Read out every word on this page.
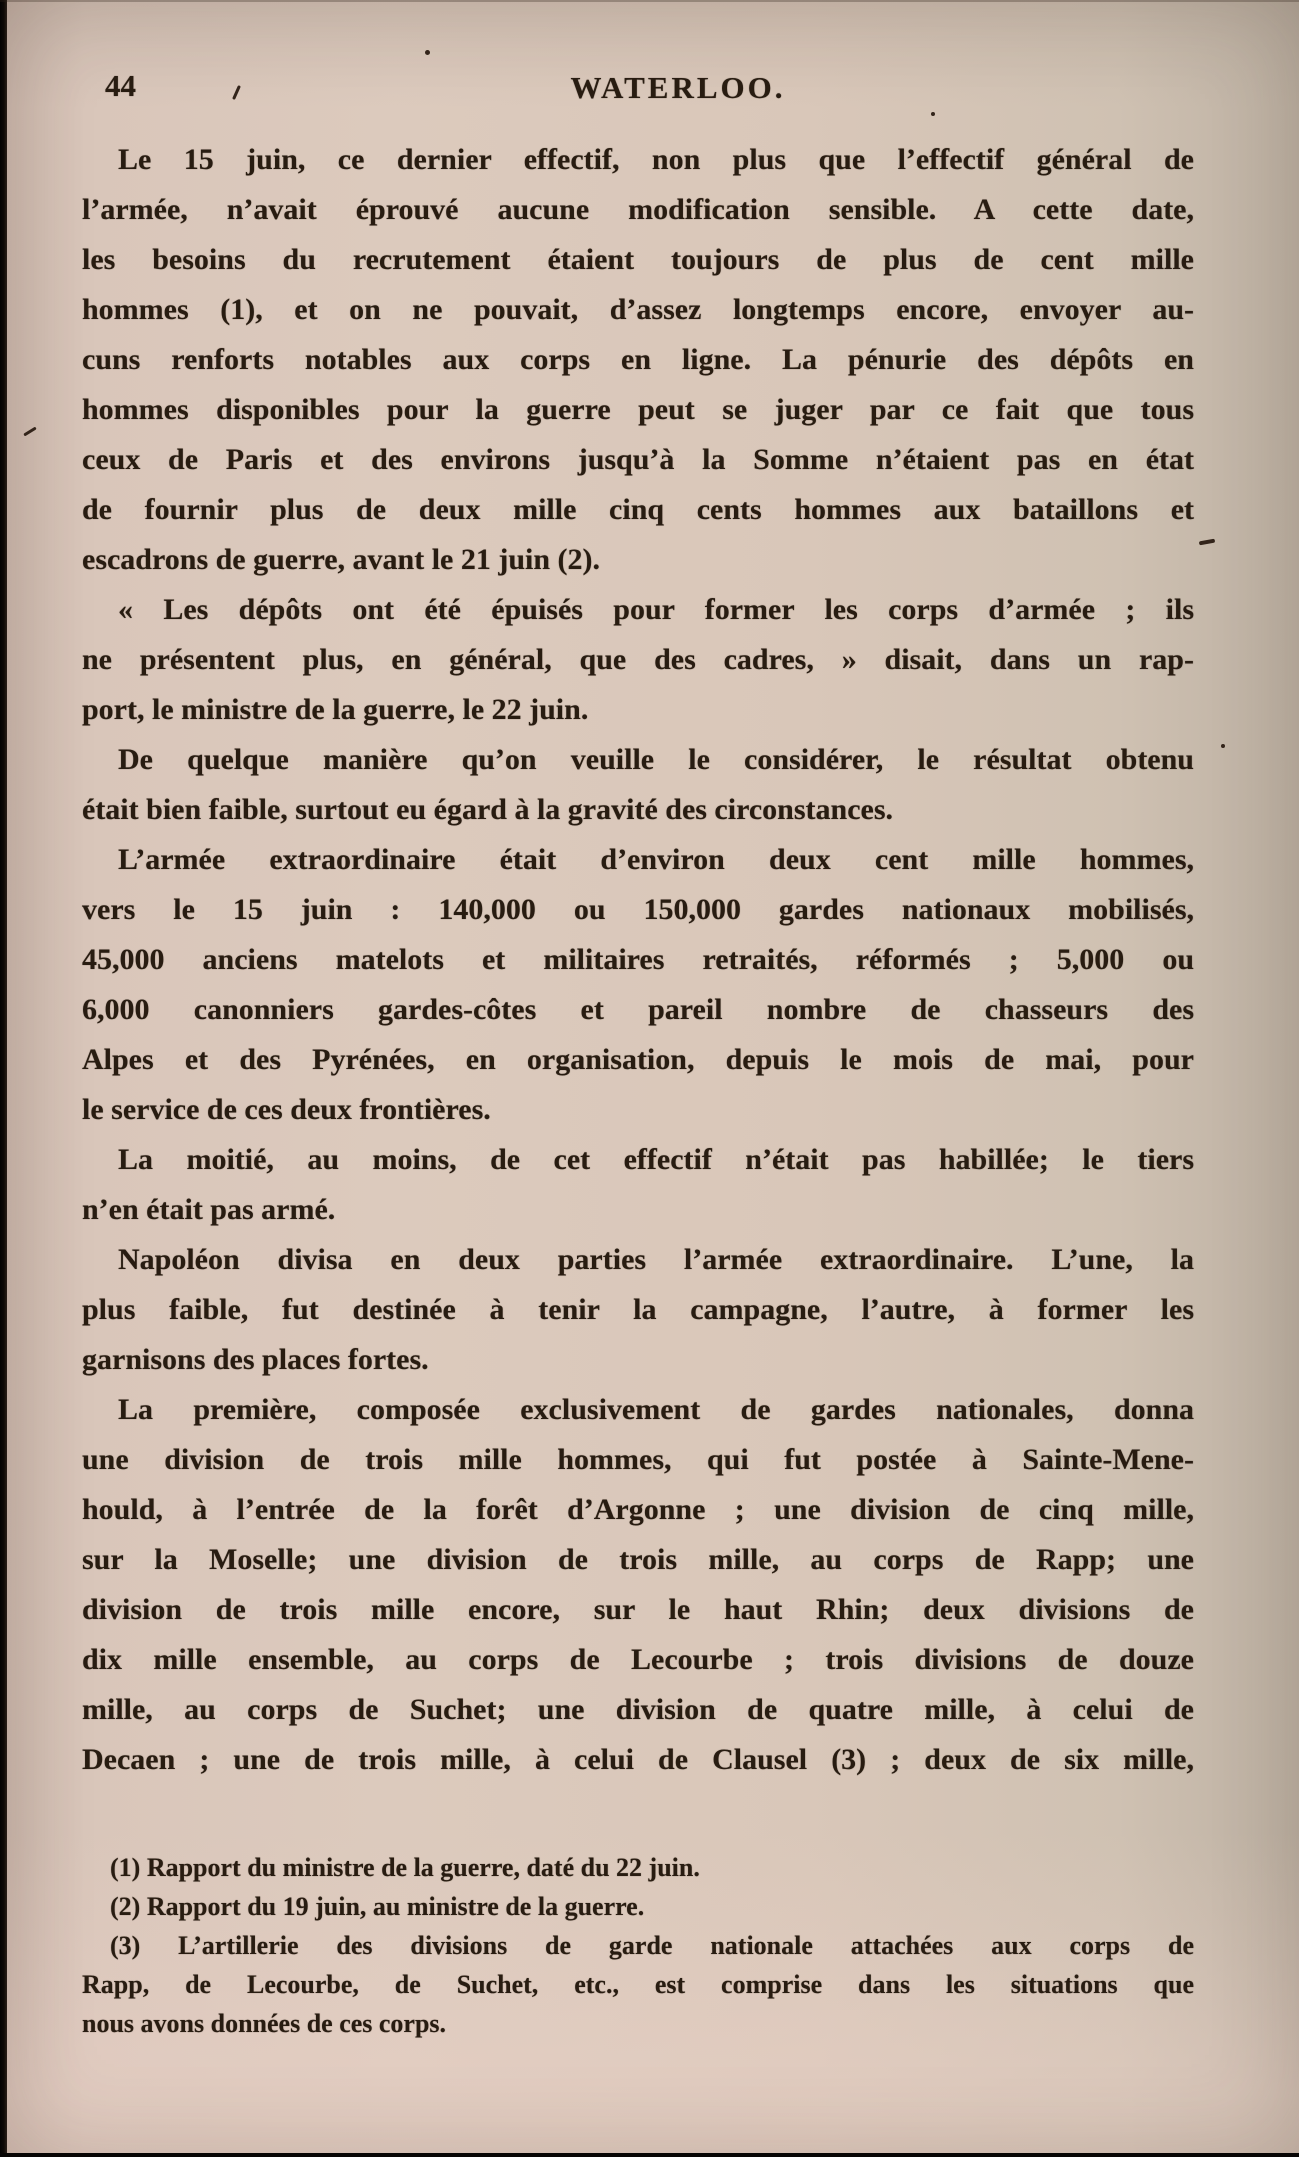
44	WATERLOO.
Le 15 juin, ce dernier effectif, non plus que l’effectif général de
l’armée, n’avait éprouvé aucune modification sensible. A cette date,
les besoins du recrutement étaient toujours de plus de cent mille
hommes (1), et on ne pouvait, d’assez longtemps encore, envoyer au-
cuns renforts notables aux corps en ligne. La pénurie des dépôts en
hommes disponibles pour la guerre peut se juger par ce fait que tous
ceux de Paris et des environs jusqu’à la Somme n’étaient pas en état
de fournir plus de deux mille cinq cents hommes aux bataillons et
escadrons de guerre, avant le 21 juin (2).
« Les dépôts ont été épuisés pour former les corps d’armée ; ils
ne présentent plus, en général, que des cadres, » disait, dans un rap-
port, le ministre de la guerre, le 22 juin.
De quelque manière qu’on veuille le considérer, le résultat obtenu
était bien faible, surtout eu égard à la gravité des circonstances.
L’armée extraordinaire était d’environ deux cent mille hommes,
vers le 15 juin : 140,000 ou 150,000 gardes nationaux mobilisés,
45,000 anciens matelots et militaires retraités, réformés ; 5,000 ou
6,000 canonniers gardes-côtes et pareil nombre de chasseurs des
Alpes et des Pyrénées, en organisation, depuis le mois de mai, pour
le service de ces deux frontières.
La moitié, au moins, de cet effectif n’était pas habillée; le tiers
n’en était pas armé.
Napoléon divisa en deux parties l’armée extraordinaire. L’une, la
plus faible, fut destinée à tenir la campagne, l’autre, à former les
garnisons des places fortes.
La première, composée exclusivement de gardes nationales, donna
une division de trois mille hommes, qui fut postée à Sainte-Mene-
hould, à l’entrée de la forêt d’Argonne ; une division de cinq mille,
sur la Moselle; une division de trois mille, au corps de Rapp; une
division de trois mille encore, sur le haut Rhin; deux divisions de
dix mille ensemble, au corps de Lecourbe ; trois divisions de douze
mille, au corps de Suchet; une division de quatre mille, à celui de
Decaen ; une de trois mille, à celui de Clausel (3) ; deux de six mille,
(1) Rapport du ministre de la guerre, daté du 22 juin.
(2) Rapport du 19 juin, au ministre de la guerre.
(3) L’artillerie des divisions de garde nationale attachées aux corps de
Rapp, de Lecourbe, de Suchet, etc., est comprise dans les situations que
nous avons données de ces corps.
